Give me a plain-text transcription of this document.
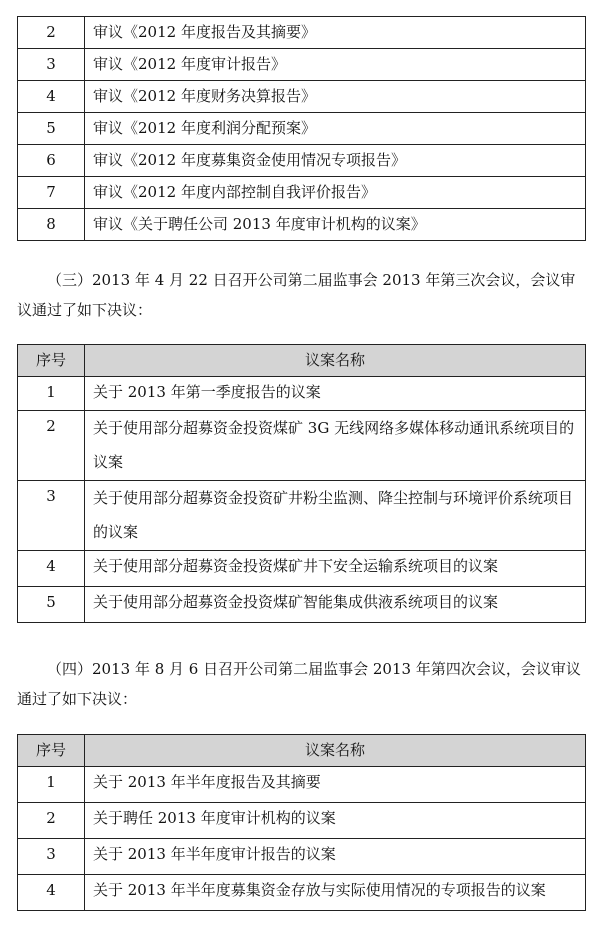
2	审议《2012 年度报告及其摘要》
3	审议《2012 年度审计报告》
4	审议《2012 年度财务决算报告》
5	审议《2012 年度利润分配预案》
6	审议《2012 年度募集资金使用情况专项报告》
7	审议《2012 年度内部控制自我评价报告》
8	审议《关于聘任公司 2013 年度审计机构的议案》

（三）2013 年 4 月 22 日召开公司第二届监事会 2013 年第三次会议，会议审议通过了如下决议：

序号	议案名称
1	关于 2013 年第一季度报告的议案
2	关于使用部分超募资金投资煤矿 3G 无线网络多媒体移动通讯系统项目的议案
3	关于使用部分超募资金投资矿井粉尘监测、降尘控制与环境评价系统项目的议案
4	关于使用部分超募资金投资煤矿井下安全运输系统项目的议案
5	关于使用部分超募资金投资煤矿智能集成供液系统项目的议案

（四）2013 年 8 月 6 日召开公司第二届监事会 2013 年第四次会议，会议审议通过了如下决议：

序号	议案名称
1	关于 2013 年半年度报告及其摘要
2	关于聘任 2013 年度审计机构的议案
3	关于 2013 年半年度审计报告的议案
4	关于 2013 年半年度募集资金存放与实际使用情况的专项报告的议案
